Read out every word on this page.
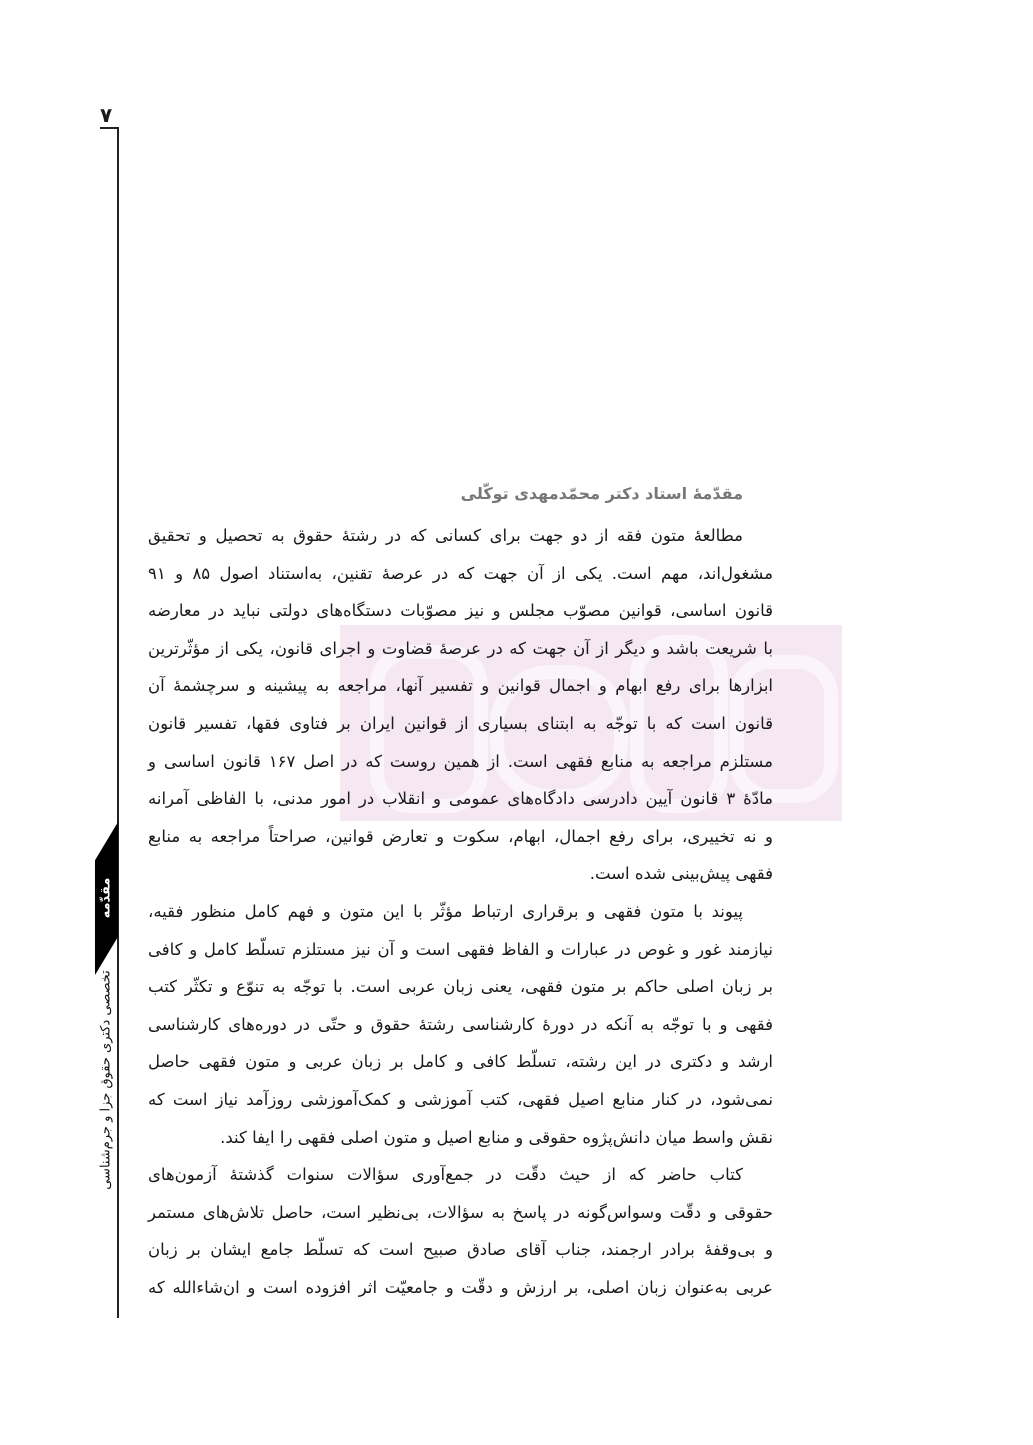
۷
مقدّمه
تخصصی دکتری حقوق جزا و جرم‌شناسی
مقدّمهٔ استاد دکتر محمّدمهدی توکّلی
مطالعهٔ متون فقه از دو جهت برای کسانی که در رشتهٔ حقوق به تحصیل و تحقیق
مشغول‌اند، مهم است. یکی از آن جهت که در عرصهٔ تقنین، به‌استناد اصول ۸۵ و ۹۱
قانون اساسی، قوانین مصوّب مجلس و نیز مصوّبات دستگاه‌های دولتی نباید در معارضه
با شریعت باشد و دیگر از آن جهت که در عرصهٔ قضاوت و اجرای قانون، یکی از مؤثّرترین
ابزارها برای رفع ابهام و اجمال قوانین و تفسیر آنها، مراجعه به پیشینه و سرچشمهٔ آن
قانون است که با توجّه به ابتنای بسیاری از قوانین ایران بر فتاوی فقها، تفسیر قانون
مستلزم مراجعه به منابع فقهی است. از همین روست که در اصل ۱۶۷ قانون اساسی و
مادّهٔ ۳ قانون آیین دادرسی دادگاه‌های عمومی و انقلاب در امور مدنی، با الفاظی آمرانه
و نه تخییری، برای رفع اجمال، ابهام، سکوت و تعارض قوانین، صراحتاً مراجعه به منابع
فقهی پیش‌بینی شده است.
پیوند با متون فقهی و برقراری ارتباط مؤثّر با این متون و فهم کامل منظور فقیه،
نیازمند غور و غوص در عبارات و الفاظ فقهی است و آن نیز مستلزم تسلّط کامل و کافی
بر زبان اصلی حاکم بر متون فقهی، یعنی زبان عربی است. با توجّه به تنوّع و تکثّر کتب
فقهی و با توجّه به آنکه در دورهٔ کارشناسی رشتهٔ حقوق و حتّی در دوره‌های کارشناسی
ارشد و دکتری در این رشته، تسلّط کافی و کامل بر زبان عربی و متون فقهی حاصل
نمی‌شود، در کنار منابع اصیل فقهی، کتب آموزشی و کمک‌آموزشی روزآمد نیاز است که
نقش واسط میان دانش‌پژوه حقوقی و منابع اصیل و متون اصلی فقهی را ایفا کند.
کتاب حاضر که از حیث دقّت در جمع‌آوری سؤالات سنوات گذشتهٔ آزمون‌های
حقوقی و دقّت وسواس‌گونه در پاسخ به سؤالات، بی‌نظیر است، حاصل تلاش‌های مستمر
و بی‌وقفهٔ برادر ارجمند، جناب آقای صادق صبیح است که تسلّط جامع ایشان بر زبان
عربی به‌عنوان زبان اصلی، بر ارزش و دقّت و جامعیّت اثر افزوده است و ان‌شاءالله که
